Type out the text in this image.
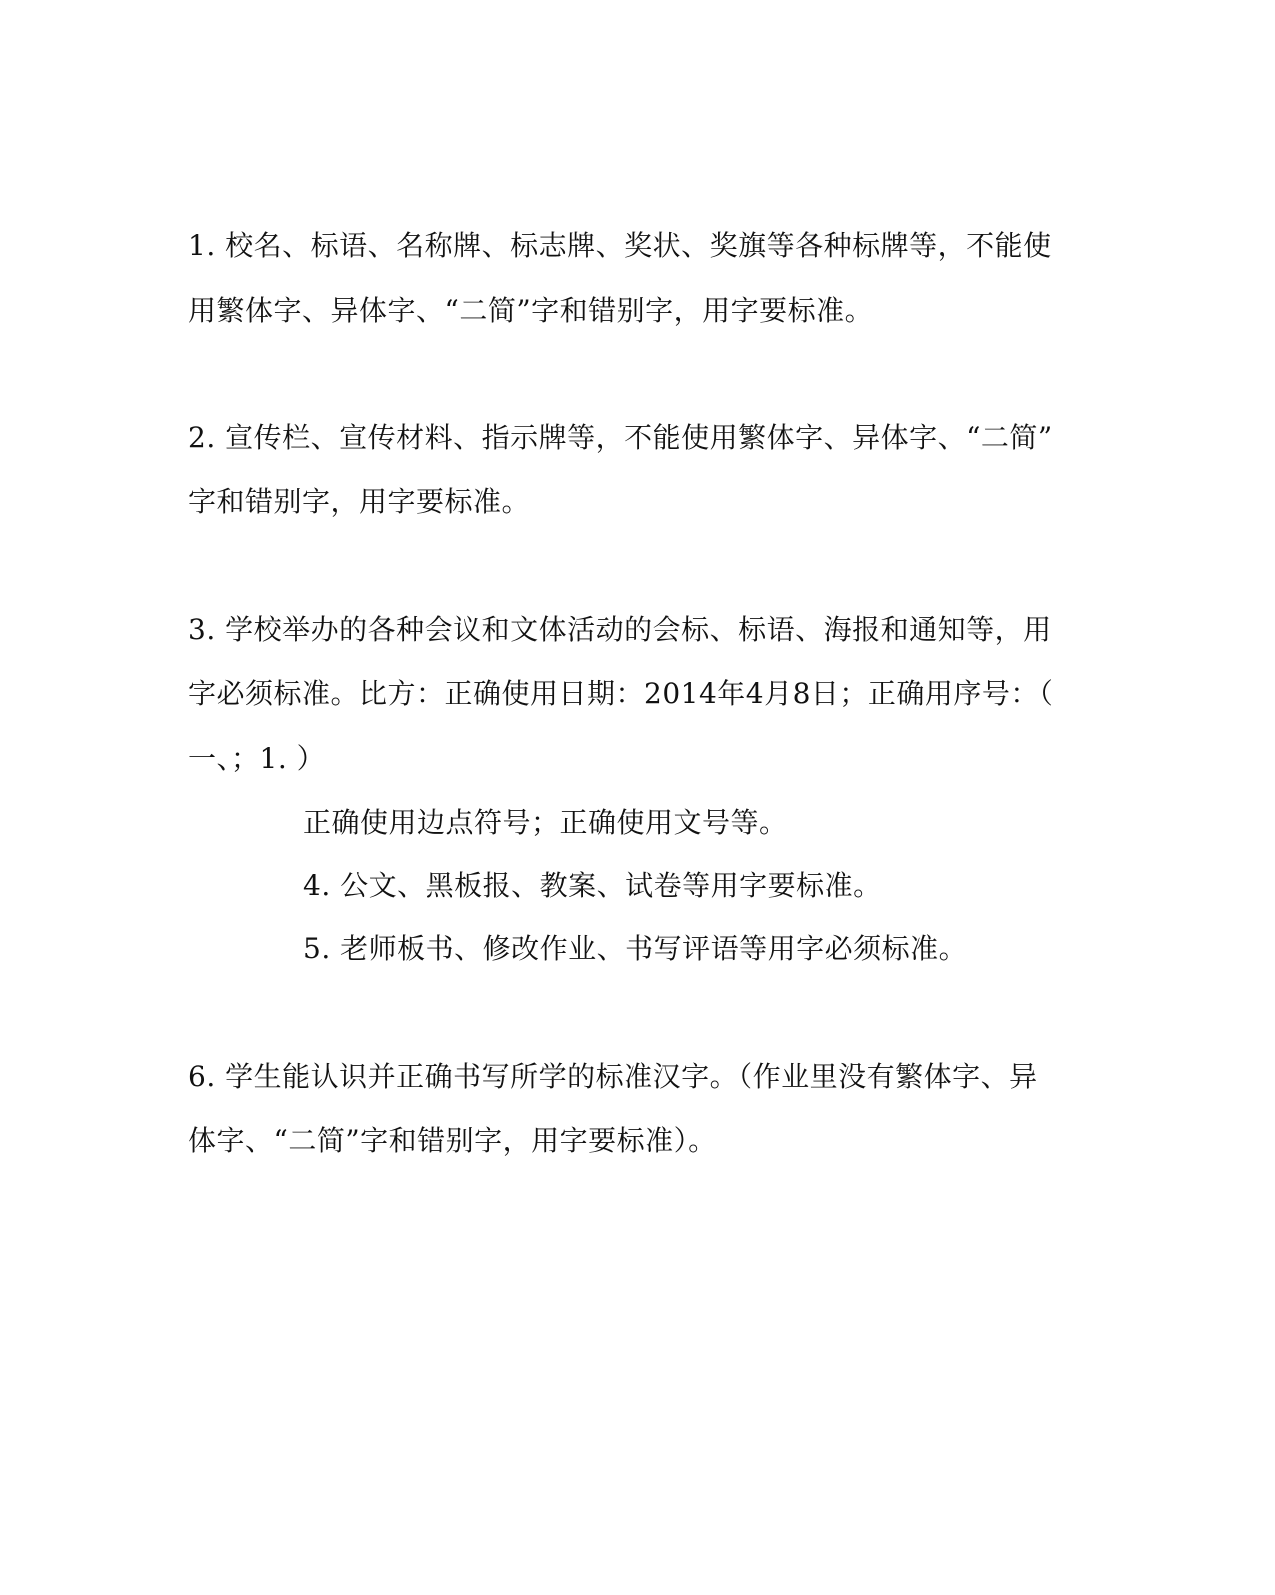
1. 校名、标语、名称牌、标志牌、奖状、奖旗等各种标牌等，不能使

用繁体字、异体字、“二简”字和错别字，用字要标准。

2. 宣传栏、宣传材料、指示牌等，不能使用繁体字、异体字、“二简”

字和错别字，用字要标准。

3. 学校举办的各种会议和文体活动的会标、标语、海报和通知等，用

字必须标准。比方：正确使用日期：2014年4月8日；正确用序号：（

一、；1. ）

正确使用边点符号；正确使用文号等。

4. 公文、黑板报、教案、试卷等用字要标准。

5. 老师板书、修改作业、书写评语等用字必须标准。

6. 学生能认识并正确书写所学的标准汉字。（作业里没有繁体字、异

体字、“二简”字和错别字，用字要标准）。
